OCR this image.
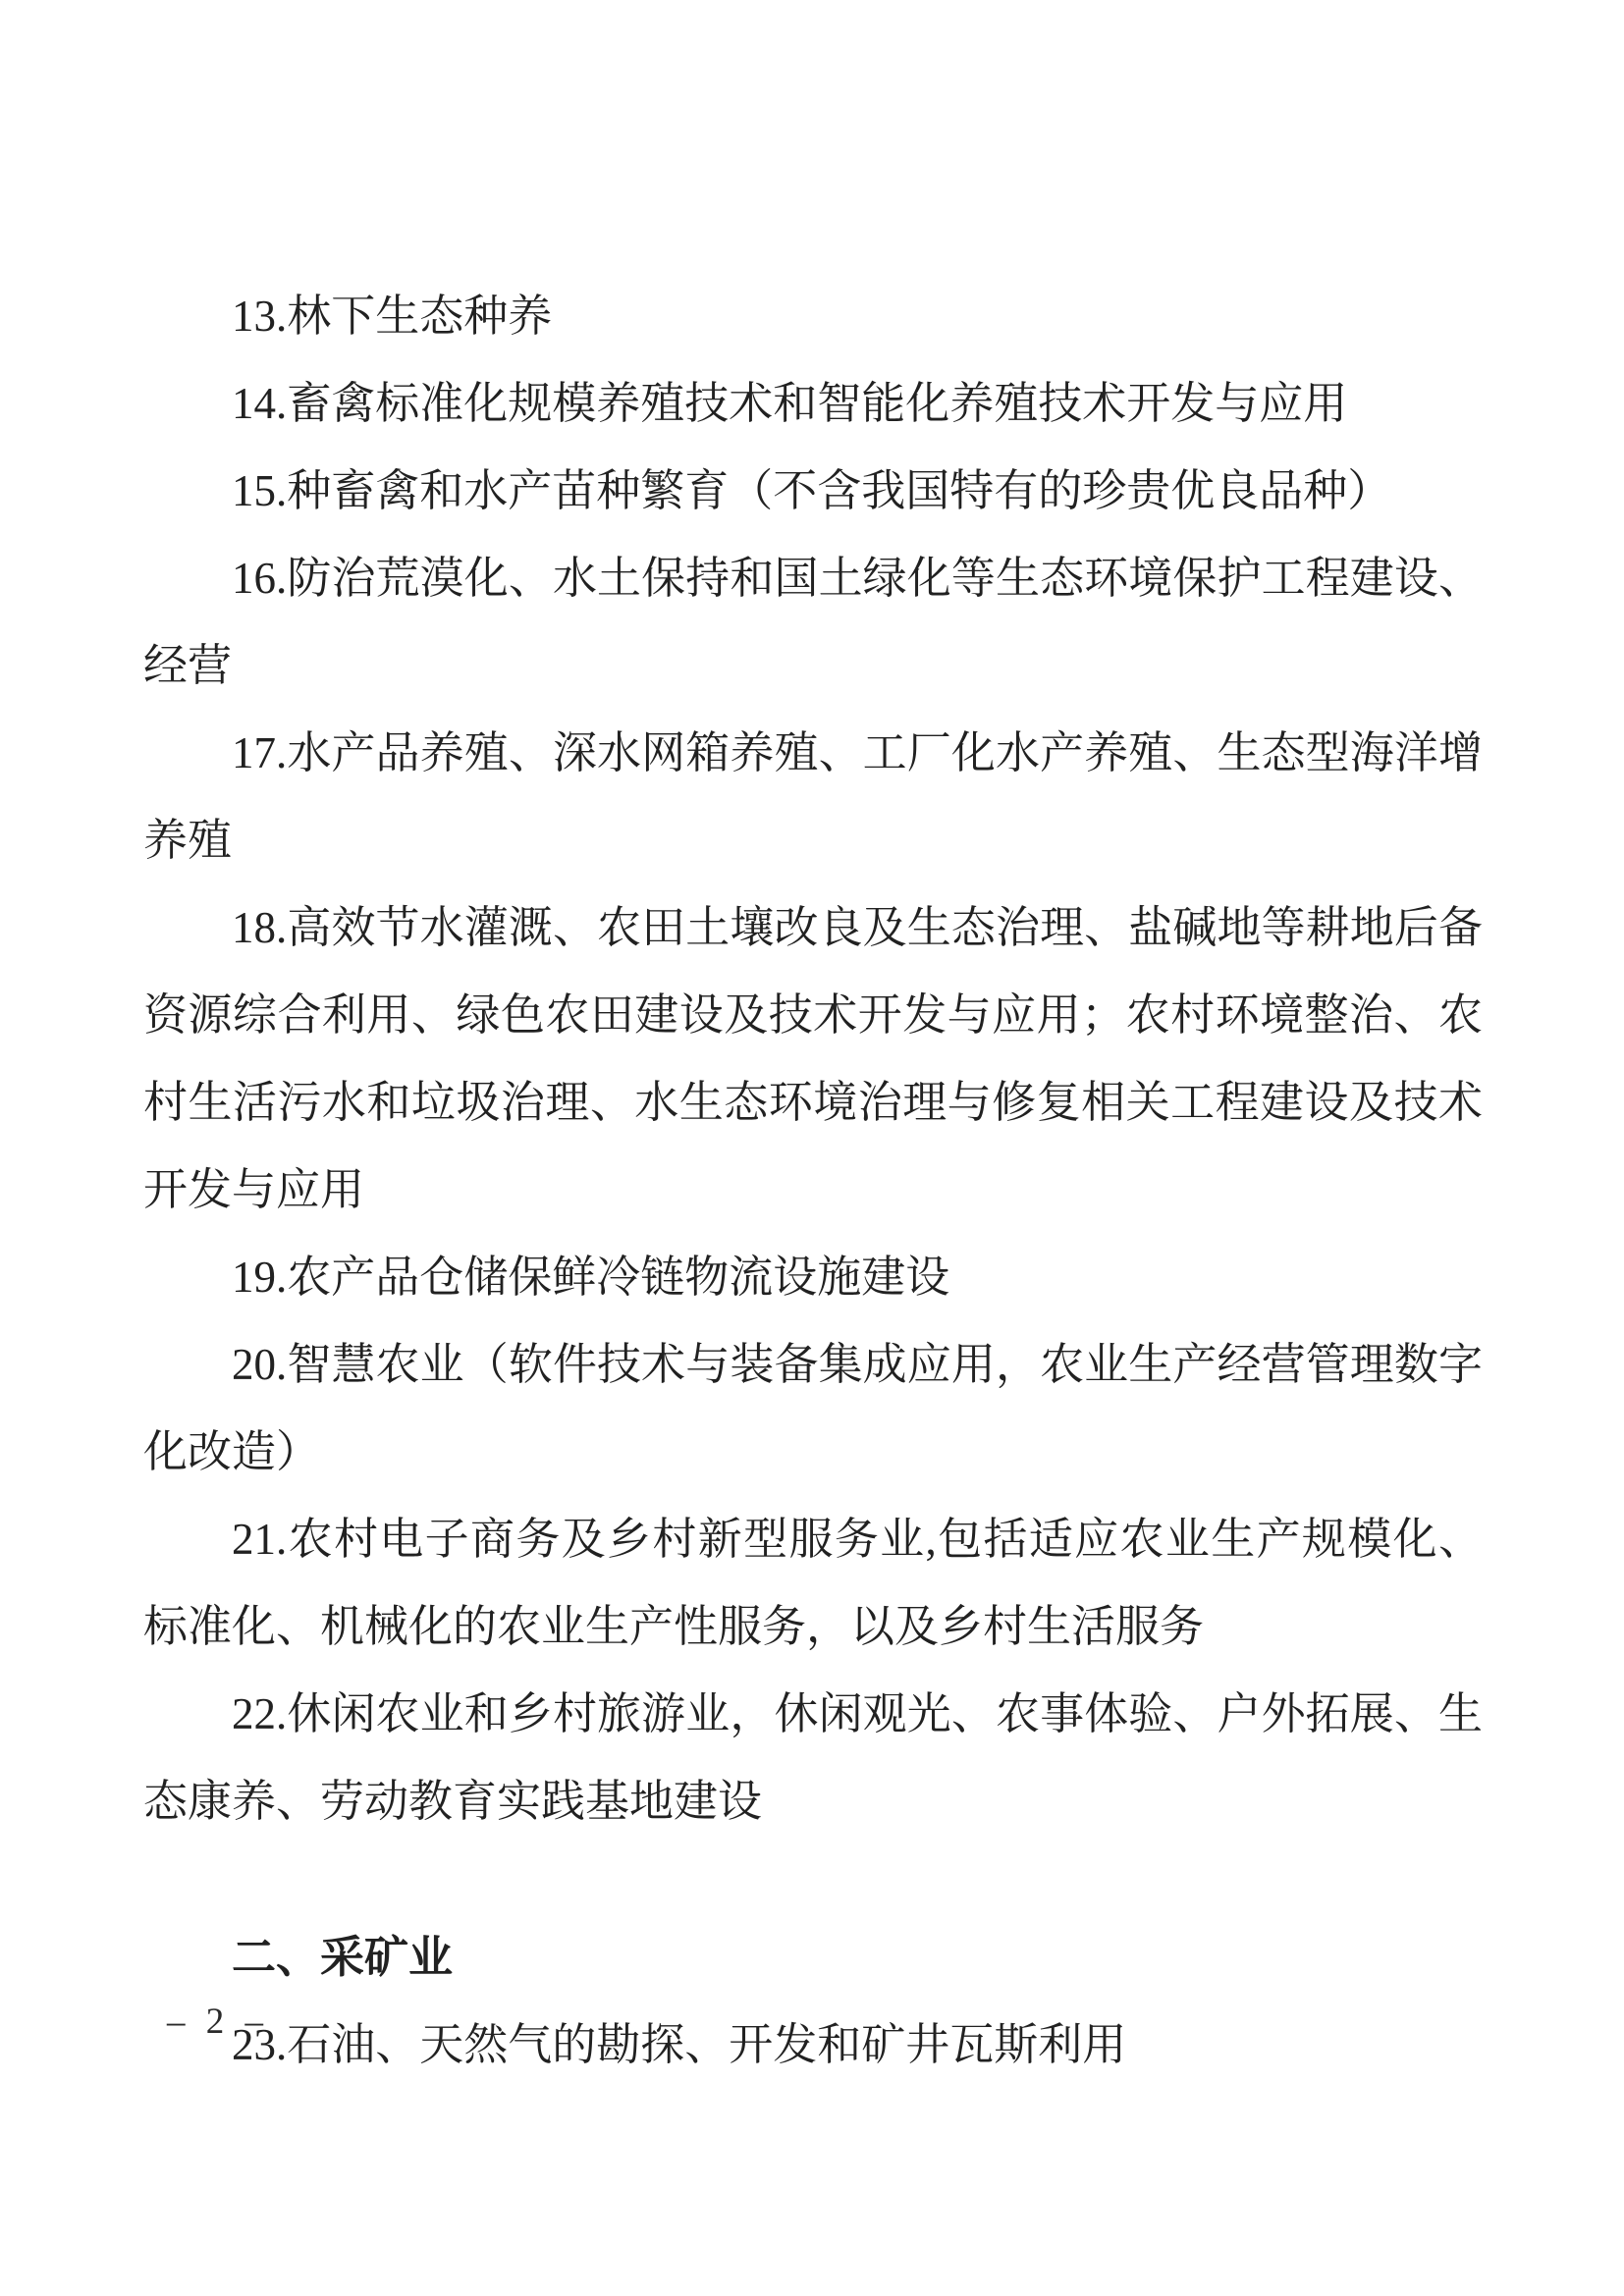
13.林下生态种养

14.畜禽标准化规模养殖技术和智能化养殖技术开发与应用

15.种畜禽和水产苗种繁育（不含我国特有的珍贵优良品种）

16.防治荒漠化、水土保持和国土绿化等生态环境保护工程建设、经营

17.水产品养殖、深水网箱养殖、工厂化水产养殖、生态型海洋增养殖

18.高效节水灌溉、农田土壤改良及生态治理、盐碱地等耕地后备资源综合利用、绿色农田建设及技术开发与应用；农村环境整治、农村生活污水和垃圾治理、水生态环境治理与修复相关工程建设及技术开发与应用

19.农产品仓储保鲜冷链物流设施建设

20.智慧农业（软件技术与装备集成应用，农业生产经营管理数字化改造）

21.农村电子商务及乡村新型服务业,包括适应农业生产规模化、标准化、机械化的农业生产性服务，以及乡村生活服务

22.休闲农业和乡村旅游业，休闲观光、农事体验、户外拓展、生态康养、劳动教育实践基地建设

二、采矿业

23.石油、天然气的勘探、开发和矿井瓦斯利用

– 2 –
